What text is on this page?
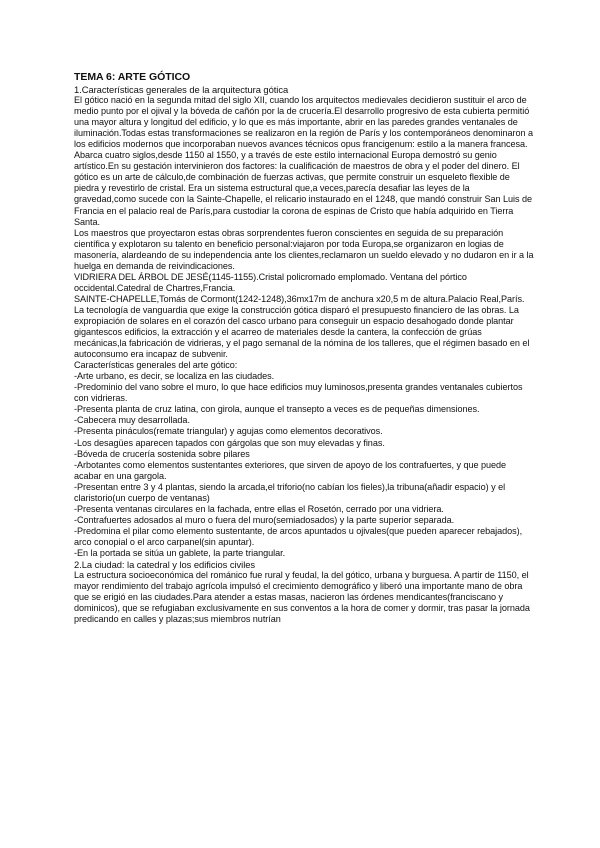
TEMA 6: ARTE GÓTICO

1.Características generales de la arquitectura gótica

El gótico nació en la segunda mitad del siglo XII, cuando los arquitectos medievales decidieron sustituir el arco de medio punto por el ojival y la bóveda de cañón por la de crucería.El desarrollo progresivo de esta cubierta permitió una mayor altura y longitud del edificio, y lo que es más importante, abrir en las paredes grandes ventanales de iluminación.Todas estas transformaciones se realizaron en la región de París y los contemporáneos denominaron a los edificios modernos que incorporaban nuevos avances técnicos opus francigenum: estilo a la manera francesa.

Abarca cuatro siglos,desde 1150 al 1550, y a través de este estilo internacional Europa demostró su genio artístico.En su gestación intervinieron dos factores: la cualificación de maestros de obra y el poder del dinero. El gótico es un arte de cálculo,de combinación de fuerzas activas, que permite construir un esqueleto flexible de piedra y revestirlo de cristal. Era un sistema estructural que,a veces,parecía desafiar las leyes de la gravedad,como sucede con la Sainte-Chapelle, el relicario instaurado en el 1248, que mandó construir San Luis de Francia en el palacio real de París,para custodiar la corona de espinas de Cristo que había adquirido en Tierra Santa.

Los maestros que proyectaron estas obras sorprendentes fueron conscientes en seguida de su preparación científica y explotaron su talento en beneficio personal:viajaron por toda Europa,se organizaron en logias de masonería, alardeando de su independencia ante los clientes,reclamaron un sueldo elevado y no dudaron en ir a la huelga en demanda de reivindicaciones.

VIDRIERA DEL ÁRBOL DE JESÉ(1145-1155).Cristal policromado emplomado. Ventana del pórtico occidental.Catedral de Chartres,Francia.

SAINTE-CHAPELLE,Tomás de Cormont(1242-1248),36mx17m de anchura x20,5 m de altura.Palacio Real,París.

La tecnología de vanguardia que exige la construcción gótica disparó el presupuesto financiero de las obras. La expropiación de solares en el corazón del casco urbano para conseguir un espacio desahogado donde plantar gigantescos edificios, la extracción y el acarreo de materiales desde la cantera, la confección de grúas mecánicas,la fabricación de vidrieras, y el pago semanal de la nómina de los talleres, que el régimen basado en el autoconsumo era incapaz de subvenir.

Características generales del arte gótico:

-Arte urbano, es decir, se localiza en las ciudades.

-Predominio del vano sobre el muro, lo que hace edificios muy luminosos,presenta grandes ventanales cubiertos con vidrieras.

-Presenta planta de cruz latina, con girola, aunque el transepto a veces es de pequeñas dimensiones.

-Cabecera muy desarrollada.

-Presenta pináculos(remate triangular) y agujas como elementos decorativos.

-Los desagües aparecen tapados con gárgolas que son muy elevadas y finas.

-Bóveda de crucería sostenida sobre pilares

-Arbotantes como elementos sustentantes exteriores, que sirven de apoyo de los contrafuertes, y que puede acabar en una gargola.

-Presentan entre 3 y 4 plantas, siendo la arcada,el triforio(no cabían los fieles),la tribuna(añadir espacio) y el claristorio(un cuerpo de ventanas)

-Presenta ventanas circulares en la fachada, entre ellas el Rosetón, cerrado por una vidriera.

-Contrafuertes adosados al muro o fuera del muro(semiadosados) y la parte superior separada.

-Predomina el pilar como elemento sustentante, de arcos apuntados u ojivales(que pueden aparecer rebajados), arco conopial o el arco carpanel(sin apuntar).

-En la portada se sitúa un gablete, la parte triangular.

2.La ciudad: la catedral y los edificios civiles

La estructura socioeconómica del románico fue rural y feudal, la del gótico, urbana y burguesa. A partir de 1150, el mayor rendimiento del trabajo agrícola impulsó el crecimiento demográfico y liberó una importante mano de obra que se erigió en las ciudades.Para atender a estas masas, nacieron las órdenes mendicantes(franciscano y dominicos), que se refugiaban exclusivamente en sus conventos a la hora de comer y dormir, tras pasar la jornada predicando en calles y plazas;sus miembros nutrían
